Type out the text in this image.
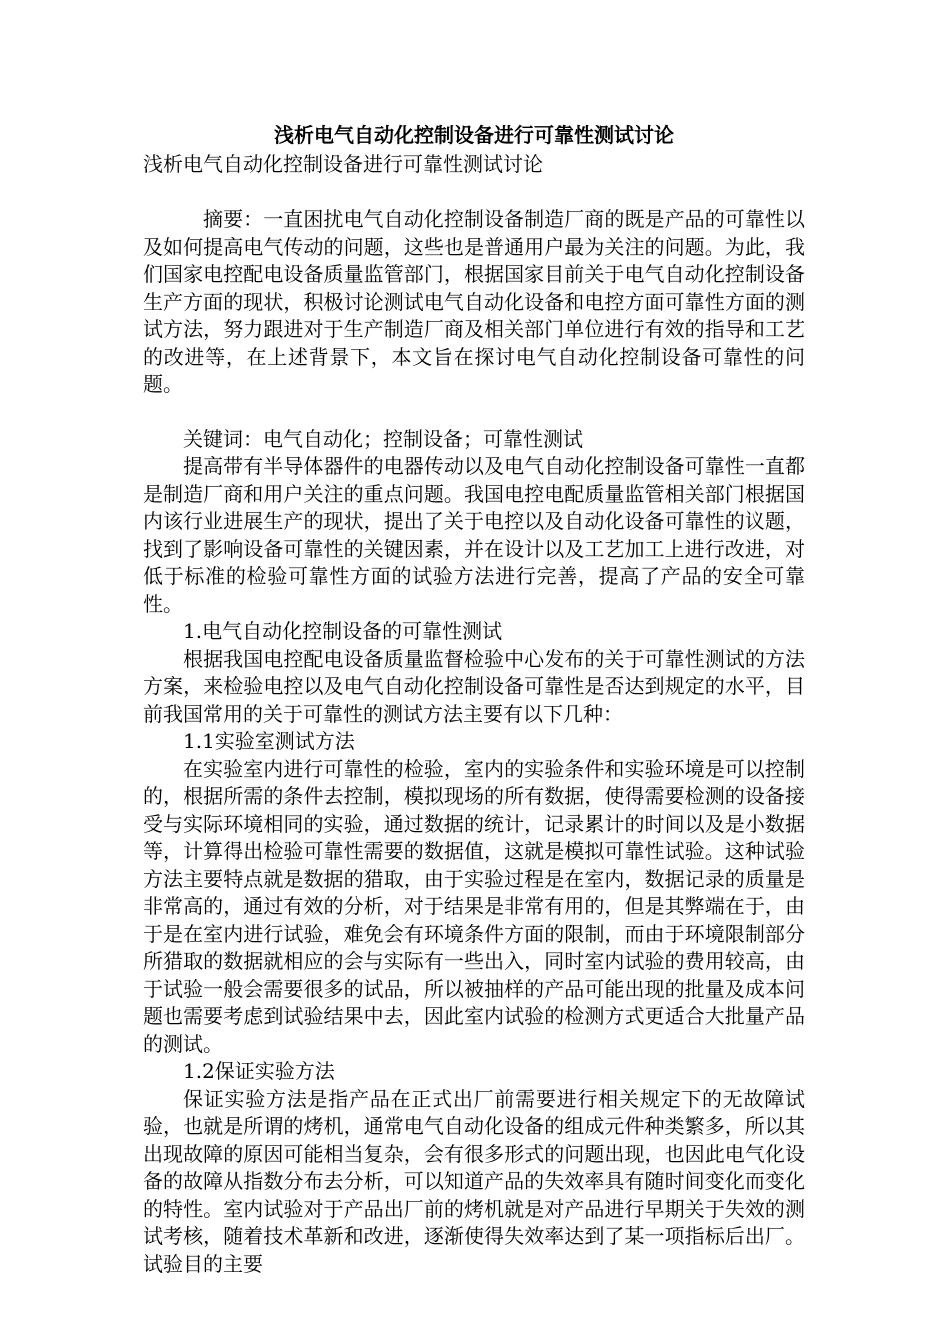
浅析电气自动化控制设备进行可靠性测试讨论

浅析电气自动化控制设备进行可靠性测试讨论

摘要：一直困扰电气自动化控制设备制造厂商的既是产品的可靠性以及如何提高电气传动的问题，这些也是普通用户最为关注的问题。为此，我们国家电控配电设备质量监管部门，根据国家目前关于电气自动化控制设备生产方面的现状，积极讨论测试电气自动化设备和电控方面可靠性方面的测试方法，努力跟进对于生产制造厂商及相关部门单位进行有效的指导和工艺的改进等，在上述背景下，本文旨在探讨电气自动化控制设备可靠性的问题。

关键词：电气自动化；控制设备；可靠性测试

提高带有半导体器件的电器传动以及电气自动化控制设备可靠性一直都是制造厂商和用户关注的重点问题。我国电控电配质量监管相关部门根据国内该行业进展生产的现状，提出了关于电控以及自动化设备可靠性的议题，找到了影响设备可靠性的关键因素，并在设计以及工艺加工上进行改进，对低于标准的检验可靠性方面的试验方法进行完善，提高了产品的安全可靠性。

1.电气自动化控制设备的可靠性测试

根据我国电控配电设备质量监督检验中心发布的关于可靠性测试的方法方案，来检验电控以及电气自动化控制设备可靠性是否达到规定的水平，目前我国常用的关于可靠性的测试方法主要有以下几种：

1.1实验室测试方法

在实验室内进行可靠性的检验，室内的实验条件和实验环境是可以控制的，根据所需的条件去控制，模拟现场的所有数据，使得需要检测的设备接受与实际环境相同的实验，通过数据的统计，记录累计的时间以及是小数据等，计算得出检验可靠性需要的数据值，这就是模拟可靠性试验。这种试验方法主要特点就是数据的猎取，由于实验过程是在室内，数据记录的质量是非常高的，通过有效的分析，对于结果是非常有用的，但是其弊端在于，由于是在室内进行试验，难免会有环境条件方面的限制，而由于环境限制部分所猎取的数据就相应的会与实际有一些出入，同时室内试验的费用较高，由于试验一般会需要很多的试品，所以被抽样的产品可能出现的批量及成本问题也需要考虑到试验结果中去，因此室内试验的检测方式更适合大批量产品的测试。

1.2保证实验方法

保证实验方法是指产品在正式出厂前需要进行相关规定下的无故障试验，也就是所谓的烤机，通常电气自动化设备的组成元件种类繁多，所以其出现故障的原因可能相当复杂，会有很多形式的问题出现，也因此电气化设备的故障从指数分布去分析，可以知道产品的失效率具有随时间变化而变化的特性。室内试验对于产品出厂前的烤机就是对产品进行早期关于失效的测试考核，随着技术革新和改进，逐渐使得失效率达到了某一项指标后出厂。试验目的主要
